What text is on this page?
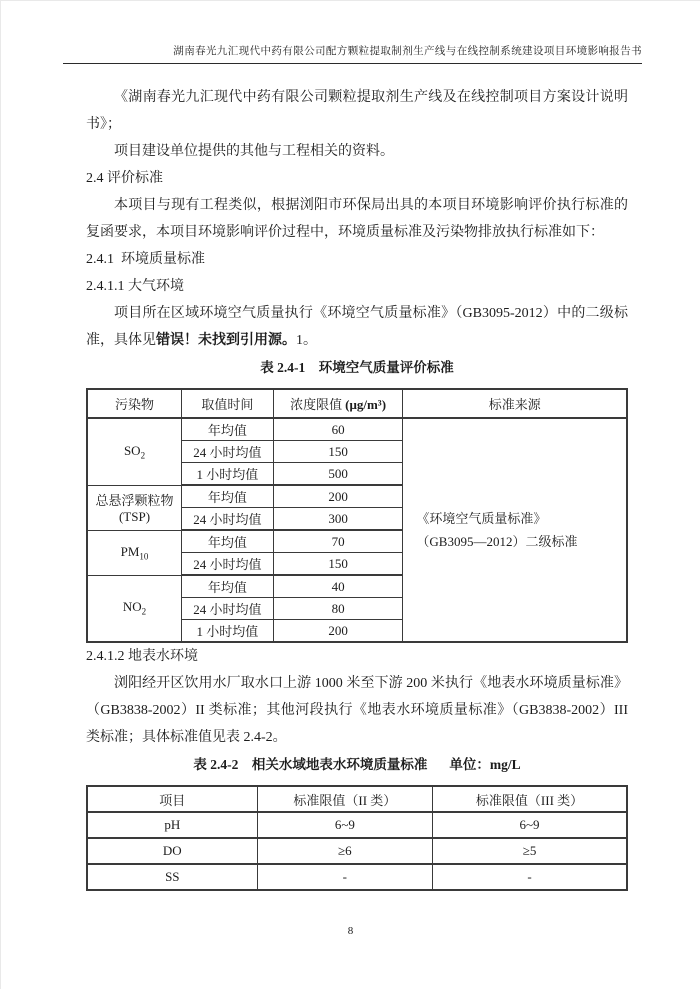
湖南春光九汇现代中药有限公司配方颗粒提取制剂生产线与在线控制系统建设项目环境影响报告书

《湖南春光九汇现代中药有限公司颗粒提取剂生产线及在线控制项目方案设计说明书》；

项目建设单位提供的其他与工程相关的资料。

2.4 评价标准

本项目与现有工程类似，根据浏阳市环保局出具的本项目环境影响评价执行标准的复函要求，本项目环境影响评价过程中，环境质量标准及污染物排放执行标准如下：

2.4.1  环境质量标准
2.4.1.1 大气环境

项目所在区域环境空气质量执行《环境空气质量标准》（GB3095-2012）中的二级标准，具体见错误！未找到引用源。1。

表 2.4-1　环境空气质量评价标准
污染物	取值时间	浓度限值 (μg/m³)	标准来源
$SO_2$	年均值	60	《环境空气质量标准》
（GB3095—2012）二级标准
	24 小时均值	150	
	1 小时均值	500	
总悬浮颗粒物
(TSP)	年均值	200	
	24 小时均值	300	
$PM_{10}$	年均值	70	
	24 小时均值	150	
$NO_2$	年均值	40	
	24 小时均值	80	
	1 小时均值	200	
2.4.1.2 地表水环境

浏阳经开区饮用水厂取水口上游 1000 米至下游 200 米执行《地表水环境质量标准》（GB3838-2002）II 类标准；其他河段执行《地表水环境质量标准》（GB3838-2002）III 类标准；具体标准值见表 2.4-2。

表 2.4-2　相关水域地表水环境质量标准 单位：mg/L
项目	标准限值（II 类）	标准限值（III 类）
pH	6~9	6~9
DO	≥6	≥5
SS	-	-
8
